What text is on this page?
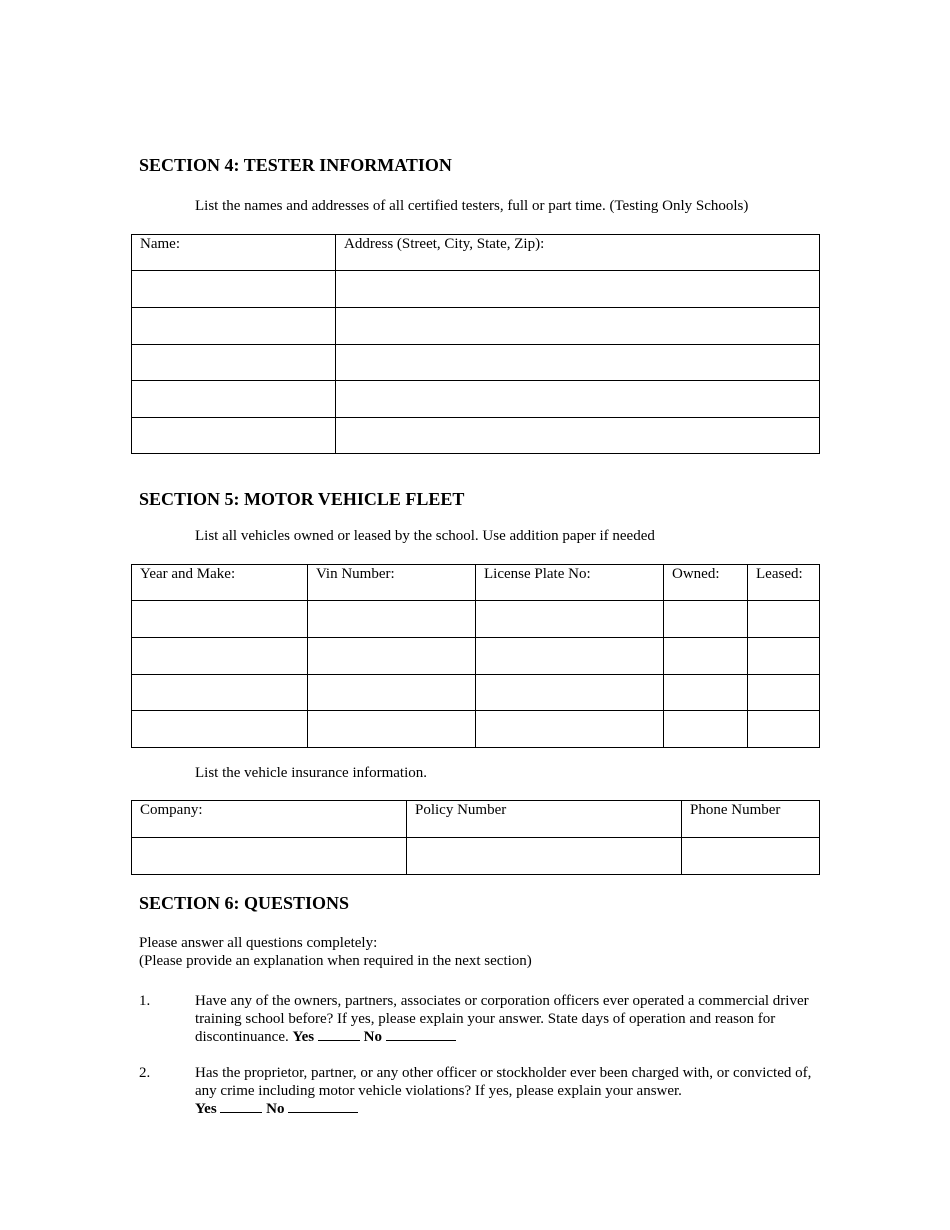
SECTION 4: TESTER INFORMATION

List the names and addresses of all certified testers, full or part time. (Testing Only Schools)

Name:	Address (Street, City, State, Zip):

SECTION 5: MOTOR VEHICLE FLEET

List all vehicles owned or leased by the school. Use addition paper if needed

Year and Make:	Vin Number:	License Plate No:	Owned:	Leased:

List the vehicle insurance information.

Company:	Policy Number	Phone Number

SECTION 6: QUESTIONS

Please answer all questions completely:

(Please provide an explanation when required in the next section)

1.	Have any of the owners, partners, associates or corporation officers ever operated a commercial driver training school before? If yes, please explain your answer. State days of operation and reason for discontinuance. Yes	No
2.	Has the proprietor, partner, or any other officer or stockholder ever been charged with, or convicted of, any crime including motor vehicle violations? If yes, please explain your answer.
Yes	No
